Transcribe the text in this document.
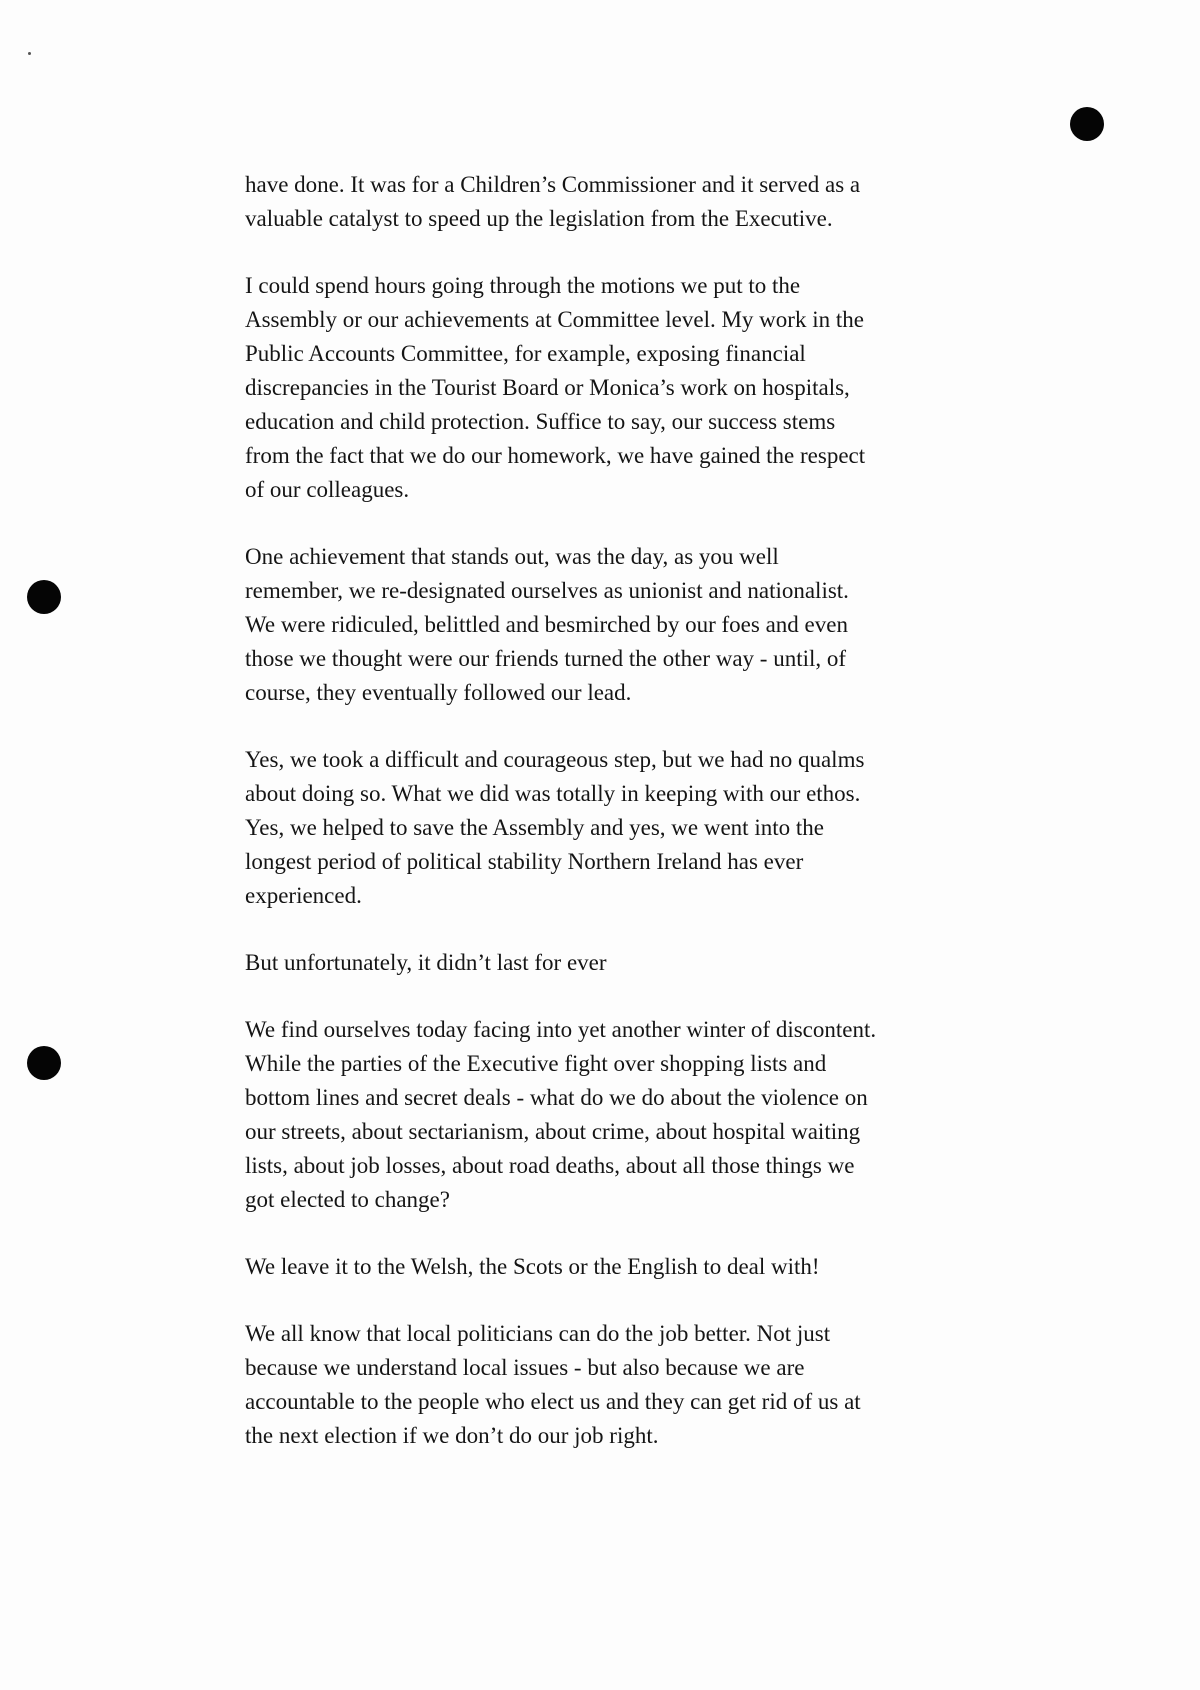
have done. It was for a Children’s Commissioner and it served as a
valuable catalyst to speed up the legislation from the Executive.

I could spend hours going through the motions we put to the
Assembly or our achievements at Committee level. My work in the
Public Accounts Committee, for example, exposing financial
discrepancies in the Tourist Board or Monica’s work on hospitals,
education and child protection. Suffice to say, our success stems
from the fact that we do our homework, we have gained the respect
of our colleagues.

One achievement that stands out, was the day, as you well
remember, we re-designated ourselves as unionist and nationalist.
We were ridiculed, belittled and besmirched by our foes and even
those we thought were our friends turned the other way - until, of
course, they eventually followed our lead.

Yes, we took a difficult and courageous step, but we had no qualms
about doing so. What we did was totally in keeping with our ethos.
Yes, we helped to save the Assembly and yes, we went into the
longest period of political stability Northern Ireland has ever
experienced.

But unfortunately, it didn’t last for ever

We find ourselves today facing into yet another winter of discontent.
While the parties of the Executive fight over shopping lists and
bottom lines and secret deals - what do we do about the violence on
our streets, about sectarianism, about crime, about hospital waiting
lists, about job losses, about road deaths, about all those things we
got elected to change?

We leave it to the Welsh, the Scots or the English to deal with!

We all know that local politicians can do the job better. Not just
because we understand local issues - but also because we are
accountable to the people who elect us and they can get rid of us at
the next election if we don’t do our job right.
